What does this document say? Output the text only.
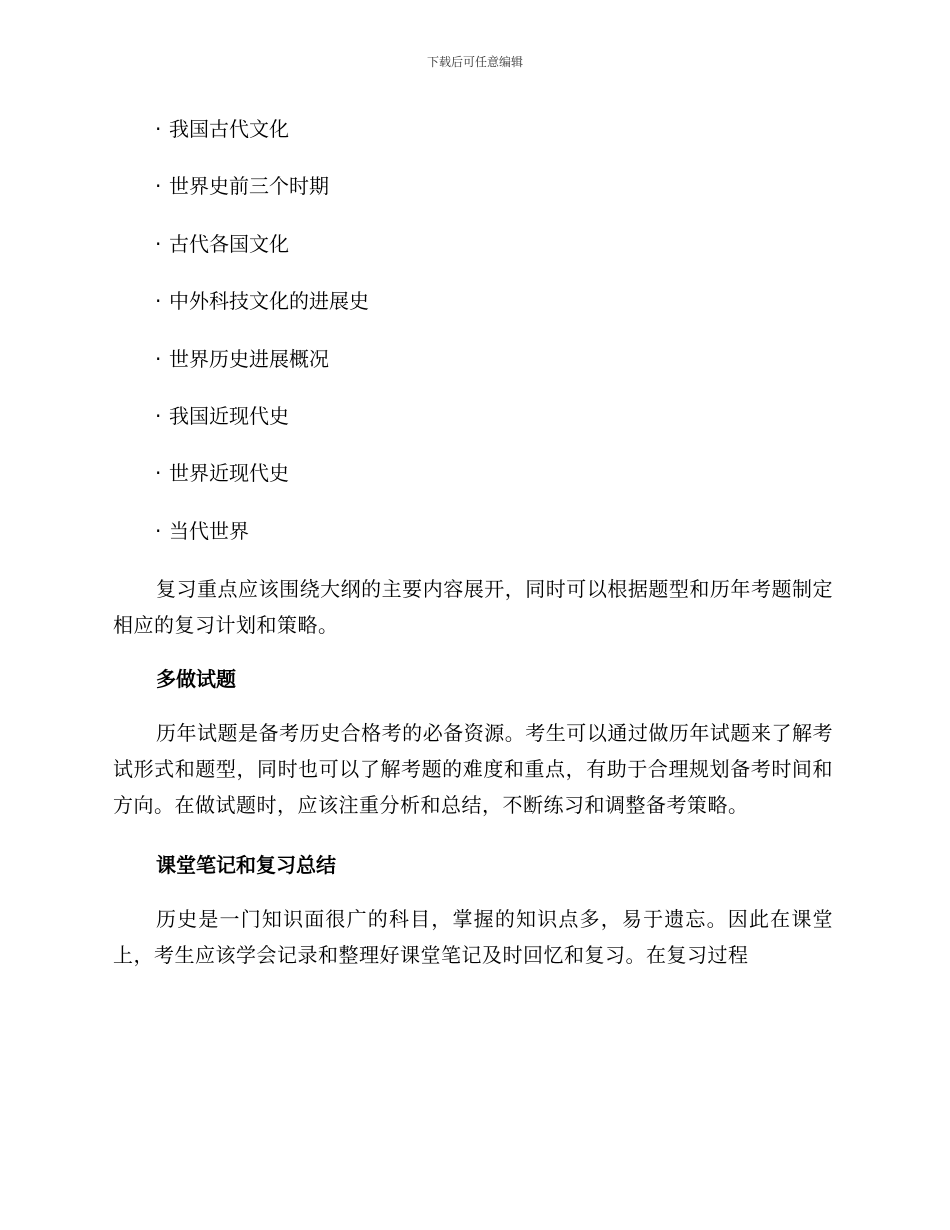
下载后可任意编辑
· 我国古代文化
· 世界史前三个时期
· 古代各国文化
· 中外科技文化的进展史
· 世界历史进展概况
· 我国近现代史
· 世界近现代史
· 当代世界

复习重点应该围绕大纲的主要内容展开，同时可以根据题型和历年考题制定相应的复习计划和策略。

多做试题

历年试题是备考历史合格考的必备资源。考生可以通过做历年试题来了解考试形式和题型，同时也可以了解考题的难度和重点，有助于合理规划备考时间和方向。在做试题时，应该注重分析和总结，不断练习和调整备考策略。

课堂笔记和复习总结

历史是一门知识面很广的科目，掌握的知识点多，易于遗忘。因此在课堂上，考生应该学会记录和整理好课堂笔记及时回忆和复习。在复习过程
